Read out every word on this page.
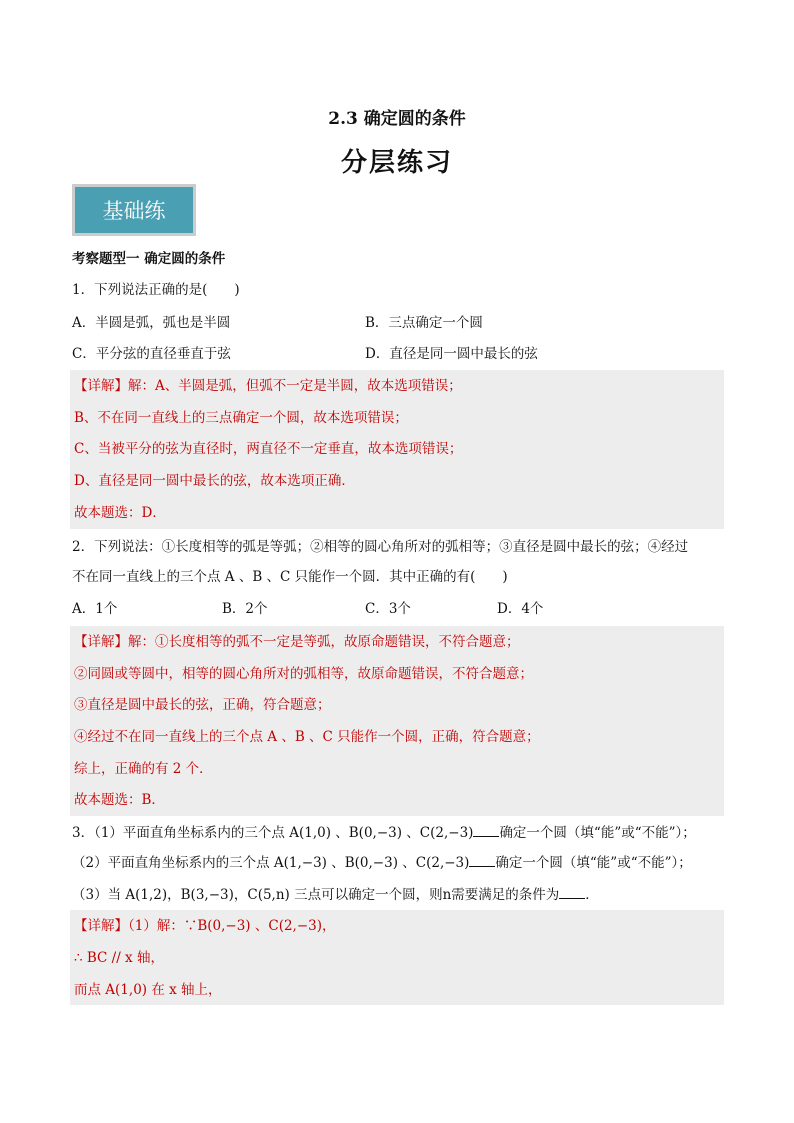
2.3 确定圆的条件
分层练习
基础练
考察题型一 确定圆的条件
1．下列说法正确的是(　　)
A．半圆是弧，弧也是半圆	B．三点确定一个圆
C．平分弦的直径垂直于弦	D．直径是同一圆中最长的弦
【详解】解：A、半圆是弧，但弧不一定是半圆，故本选项错误；
B、不在同一直线上的三点确定一个圆，故本选项错误；
C、当被平分的弦为直径时，两直径不一定垂直，故本选项错误；
D、直径是同一圆中最长的弦，故本选项正确．
故本题选：D．
2．下列说法：①长度相等的弧是等弧；②相等的圆心角所对的弧相等；③直径是圆中最长的弦；④经过
不在同一直线上的三个点 A 、B 、C 只能作一个圆．其中正确的有(　　)
A．1个	B．2个	C．3个	D．4个
【详解】解：①长度相等的弧不一定是等弧，故原命题错误，不符合题意；
②同圆或等圆中，相等的圆心角所对的弧相等，故原命题错误，不符合题意；
③直径是圆中最长的弦，正确，符合题意；
④经过不在同一直线上的三个点 A 、B 、C 只能作一个圆，正确，符合题意；
综上，正确的有 2 个．
故本题选：B．
3．（1）平面直角坐标系内的三个点 A(1,0) 、B(0,−3) 、C(2,−3) 确定一个圆（填“能”或“不能”）；
（2）平面直角坐标系内的三个点 A(1,−3) 、B(0,−3) 、C(2,−3) 确定一个圆（填“能”或“不能”）；
（3）当 A(1,2)，B(3,−3)，C(5,n) 三点可以确定一个圆，则n需要满足的条件为 ．
【详解】（1）解：∵B(0,−3) 、C(2,−3)，
∴ BC // x 轴，
而点 A(1,0) 在 x 轴上，
